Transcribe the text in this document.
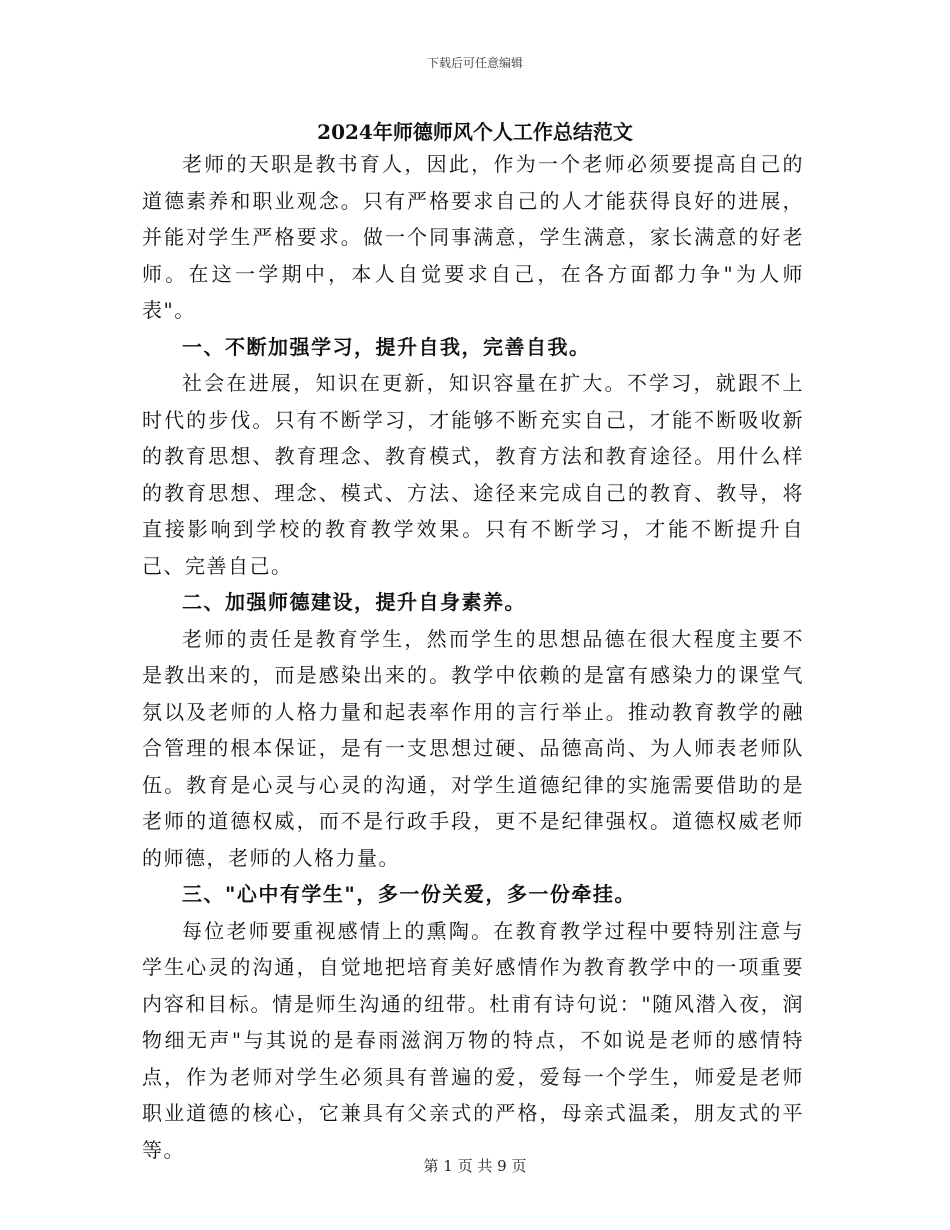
下载后可任意编辑
2024年师德师风个人工作总结范文

老师的天职是教书育人，因此，作为一个老师必须要提高自己的道德素养和职业观念。只有严格要求自己的人才能获得良好的进展，并能对学生严格要求。做一个同事满意，学生满意，家长满意的好老师。在这一学期中，本人自觉要求自己，在各方面都力争"为人师表"。

一、不断加强学习，提升自我，完善自我。

社会在进展，知识在更新，知识容量在扩大。不学习，就跟不上时代的步伐。只有不断学习，才能够不断充实自己，才能不断吸收新的教育思想、教育理念、教育模式，教育方法和教育途径。用什么样的教育思想、理念、模式、方法、途径来完成自己的教育、教导，将直接影响到学校的教育教学效果。只有不断学习，才能不断提升自己、完善自己。

二、加强师德建设，提升自身素养。

老师的责任是教育学生，然而学生的思想品德在很大程度主要不是教出来的，而是感染出来的。教学中依赖的是富有感染力的课堂气氛以及老师的人格力量和起表率作用的言行举止。推动教育教学的融合管理的根本保证，是有一支思想过硬、品德高尚、为人师表老师队伍。教育是心灵与心灵的沟通，对学生道德纪律的实施需要借助的是老师的道德权威，而不是行政手段，更不是纪律强权。道德权威老师的师德，老师的人格力量。

三、"心中有学生"，多一份关爱，多一份牵挂。

每位老师要重视感情上的熏陶。在教育教学过程中要特别注意与学生心灵的沟通，自觉地把培育美好感情作为教育教学中的一项重要内容和目标。情是师生沟通的纽带。杜甫有诗句说："随风潜入夜，润物细无声"与其说的是春雨滋润万物的特点，不如说是老师的感情特点，作为老师对学生必须具有普遍的爱，爱每一个学生，师爱是老师职业道德的核心，它兼具有父亲式的严格，母亲式温柔，朋友式的平等。

第 1 页 共 9 页
